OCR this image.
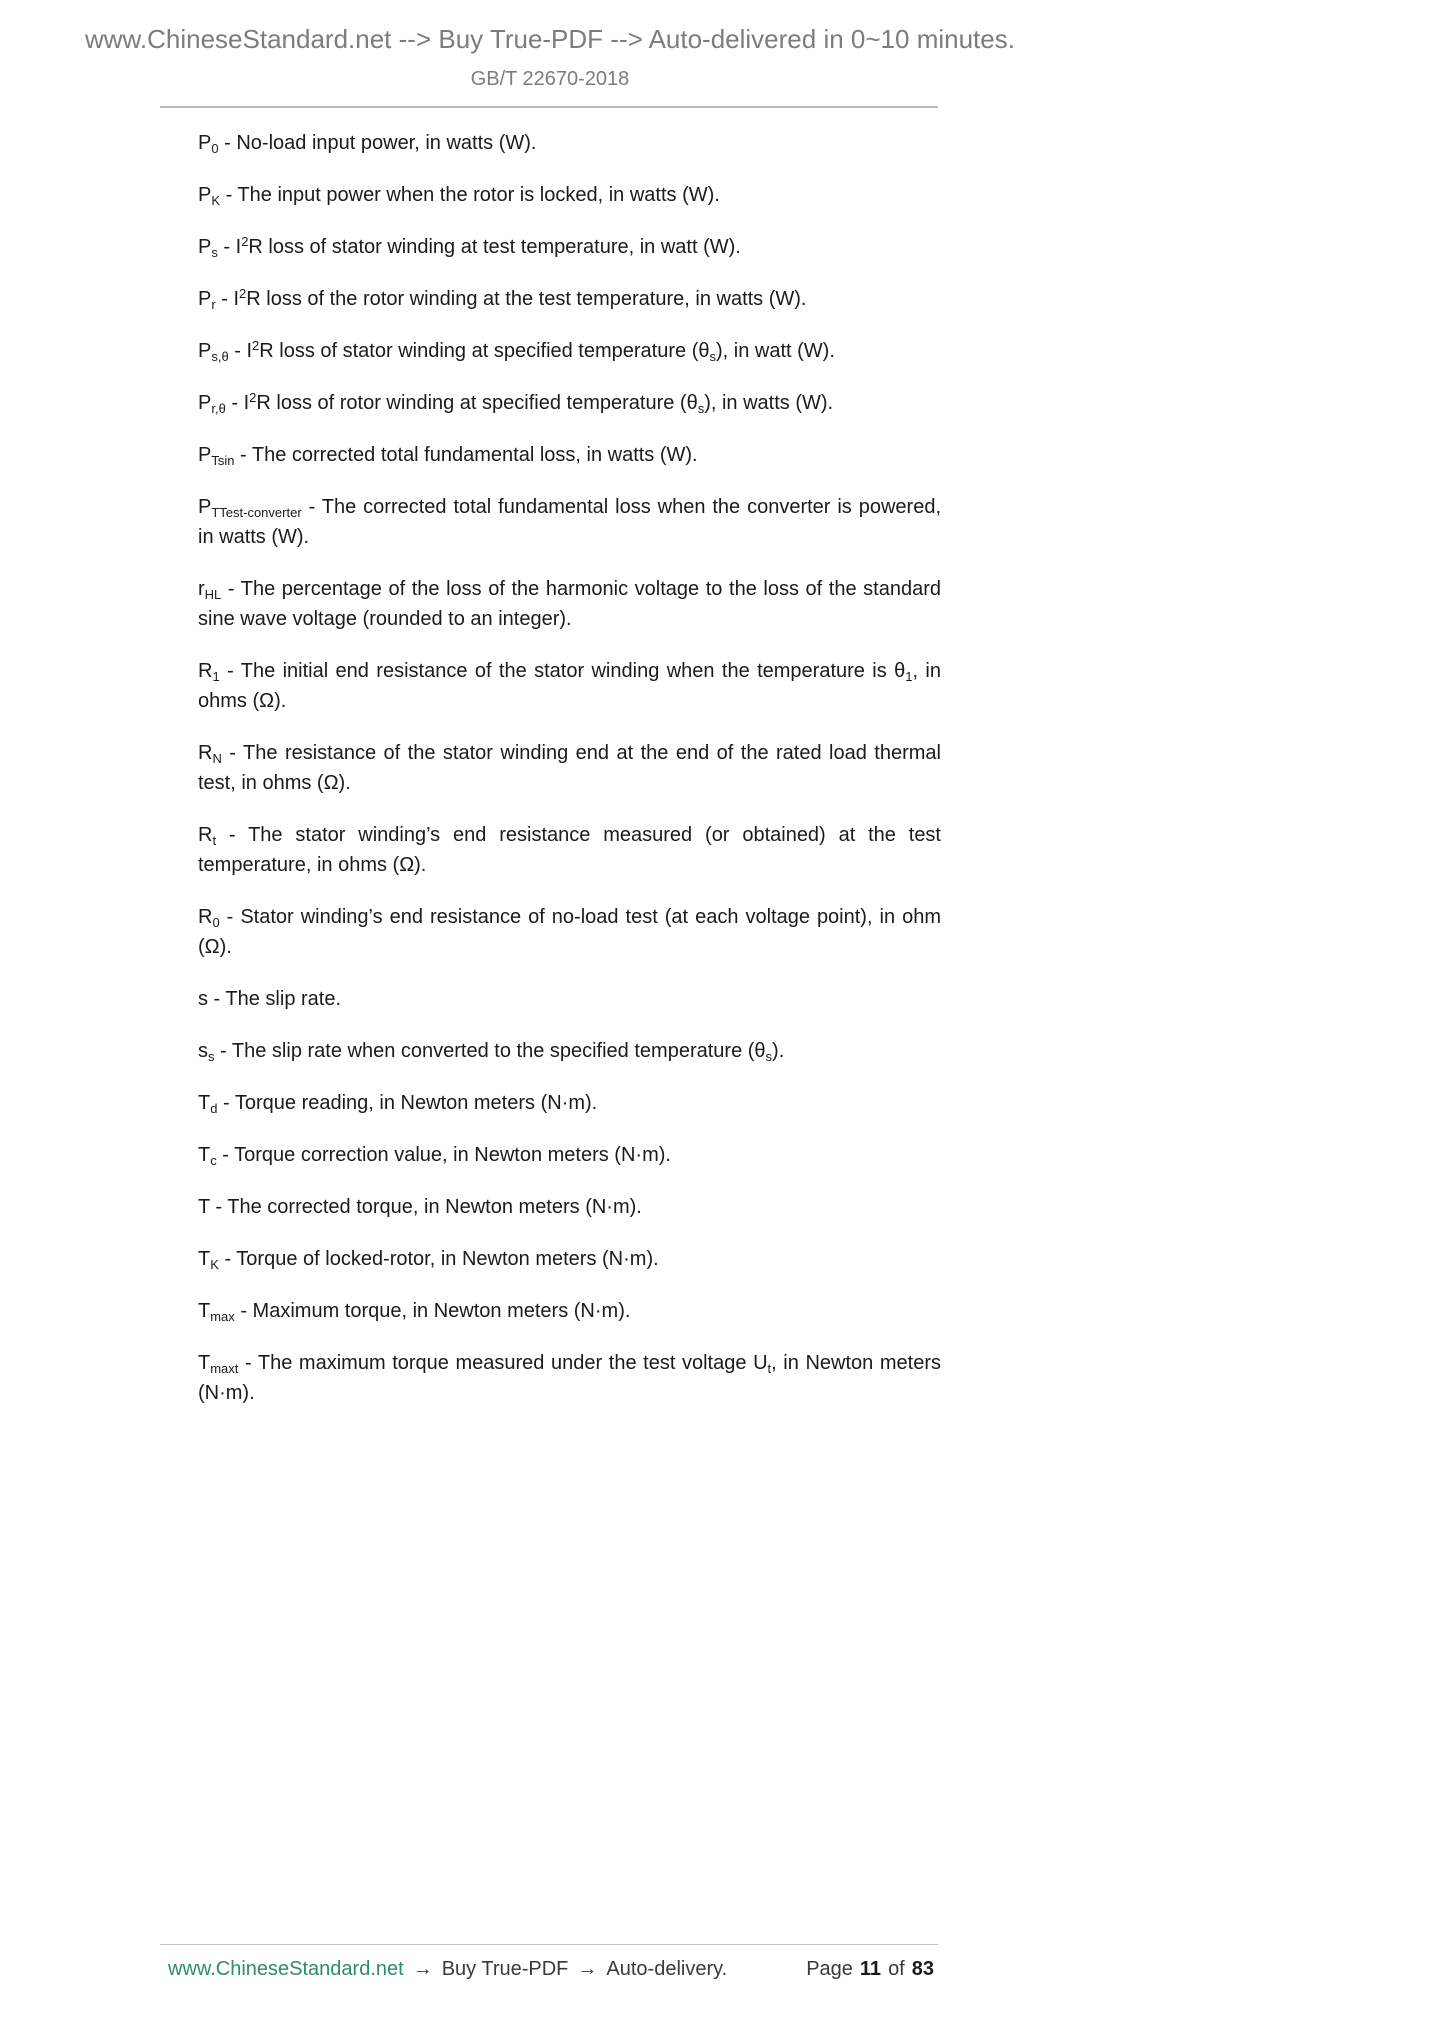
www.ChineseStandard.net --> Buy True-PDF --> Auto-delivered in 0~10 minutes.
GB/T 22670-2018

$P_0$ - No-load input power, in watts (W).

$P_K$ - The input power when the rotor is locked, in watts (W).

$P_s - I^2R$ loss of stator winding at test temperature, in watt (W).

$P_r - I^2R$ loss of the rotor winding at the test temperature, in watts (W).

$P_{s,\theta} - I^2R$ loss of stator winding at specified temperature $(\theta_s)$, in watt (W).

$P_{r,\theta} - I^2R$ loss of rotor winding at specified temperature $(\theta_s)$, in watts (W).

$P_{Tsin}$ - The corrected total fundamental loss, in watts (W).

$P_{TTest-converter}$ - The corrected total fundamental loss when the converter is powered, in watts (W).

$r_{HL}$ - The percentage of the loss of the harmonic voltage to the loss of the standard sine wave voltage (rounded to an integer).

$R_1$ - The initial end resistance of the stator winding when the temperature is $\theta_1$, in ohms (Ω).

$R_N$ - The resistance of the stator winding end at the end of the rated load thermal test, in ohms (Ω).

$R_t$ - The stator winding’s end resistance measured (or obtained) at the test temperature, in ohms (Ω).

$R_0$ - Stator winding’s end resistance of no-load test (at each voltage point), in ohm (Ω).

s - The slip rate.

$s_s$ - The slip rate when converted to the specified temperature $(\theta_s)$.

$T_d$ - Torque reading, in Newton meters (N·m).

$T_c$ - Torque correction value, in Newton meters (N·m).

T - The corrected torque, in Newton meters (N·m).

$T_K$ - Torque of locked-rotor, in Newton meters (N·m).

$T_{max}$ - Maximum torque, in Newton meters (N·m).

$T_{maxt}$ - The maximum torque measured under the test voltage $U_t$, in Newton meters (N·m).

www.ChineseStandard.net → Buy True-PDF → Auto-delivery.	Page 11 of 83
